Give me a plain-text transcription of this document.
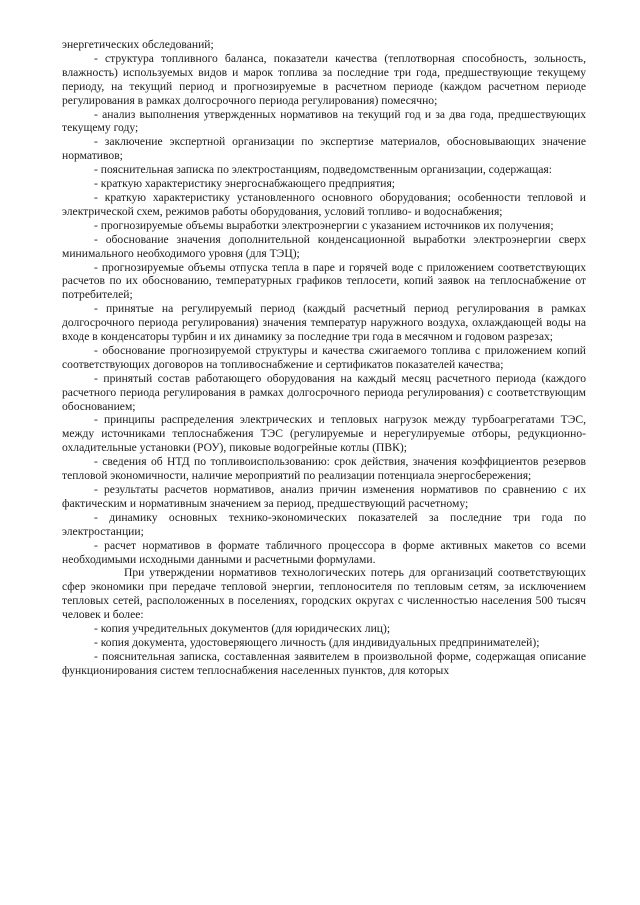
энергетических обследований;

- структура топливного баланса, показатели качества (теплотворная способность, зольность, влажность) используемых видов и марок топлива за последние три года, предшествующие текущему периоду, на текущий период и прогнозируемые в расчетном периоде (каждом расчетном периоде регулирования в рамках долгосрочного периода регулирования) помесячно;

- анализ выполнения утвержденных нормативов на текущий год и за два года, предшествующих текущему году;

- заключение экспертной организации по экспертизе материалов, обосновывающих значение нормативов;

- пояснительная записка по электростанциям, подведомственным организации, содержащая:

- краткую характеристику энергоснабжающего предприятия;

- краткую характеристику установленного основного оборудования; особенности тепловой и электрической схем, режимов работы оборудования, условий топливо- и водоснабжения;

- прогнозируемые объемы выработки электроэнергии с указанием источников их получения;

- обоснование значения дополнительной конденсационной выработки электроэнергии сверх минимального необходимого уровня (для ТЭЦ);

- прогнозируемые объемы отпуска тепла в паре и горячей воде с приложением соответствующих расчетов по их обоснованию, температурных графиков теплосети, копий заявок на теплоснабжение от потребителей;

- принятые на регулируемый период (каждый расчетный период регулирования в рамках долгосрочного периода регулирования) значения температур наружного воздуха, охлаждающей воды на входе в конденсаторы турбин и их динамику за последние три года в месячном и годовом разрезах;

- обоснование прогнозируемой структуры и качества сжигаемого топлива с приложением копий соответствующих договоров на топливоснабжение и сертификатов показателей качества;

- принятый состав работающего оборудования на каждый месяц расчетного периода (каждого расчетного периода регулирования в рамках долгосрочного периода регулирования) с соответствующим обоснованием;

- принципы распределения электрических и тепловых нагрузок между турбоагрегатами ТЭС, между источниками теплоснабжения ТЭС (регулируемые и нерегулируемые отборы, редукционно-охладительные установки (РОУ), пиковые водогрейные котлы (ПВК);

- сведения об НТД по топливоиспользованию: срок действия, значения коэффициентов резервов тепловой экономичности, наличие мероприятий по реализации потенциала энергосбережения;

- результаты расчетов нормативов, анализ причин изменения нормативов по сравнению с их фактическим и нормативным значением за период, предшествующий расчетному;

- динамику основных технико-экономических показателей за последние три года по электростанции;

- расчет нормативов в формате табличного процессора в форме активных макетов со всеми необходимыми исходными данными и расчетными формулами.

При утверждении нормативов технологических потерь для организаций соответствующих сфер экономики при передаче тепловой энергии, теплоносителя по тепловым сетям, за исключением тепловых сетей, расположенных в поселениях, городских округах с численностью населения 500 тысяч человек и более:

- копия учредительных документов (для юридических лиц);

- копия документа, удостоверяющего личность (для индивидуальных предпринимателей);

- пояснительная записка, составленная заявителем в произвольной форме, содержащая описание функционирования систем теплоснабжения населенных пунктов, для которых
